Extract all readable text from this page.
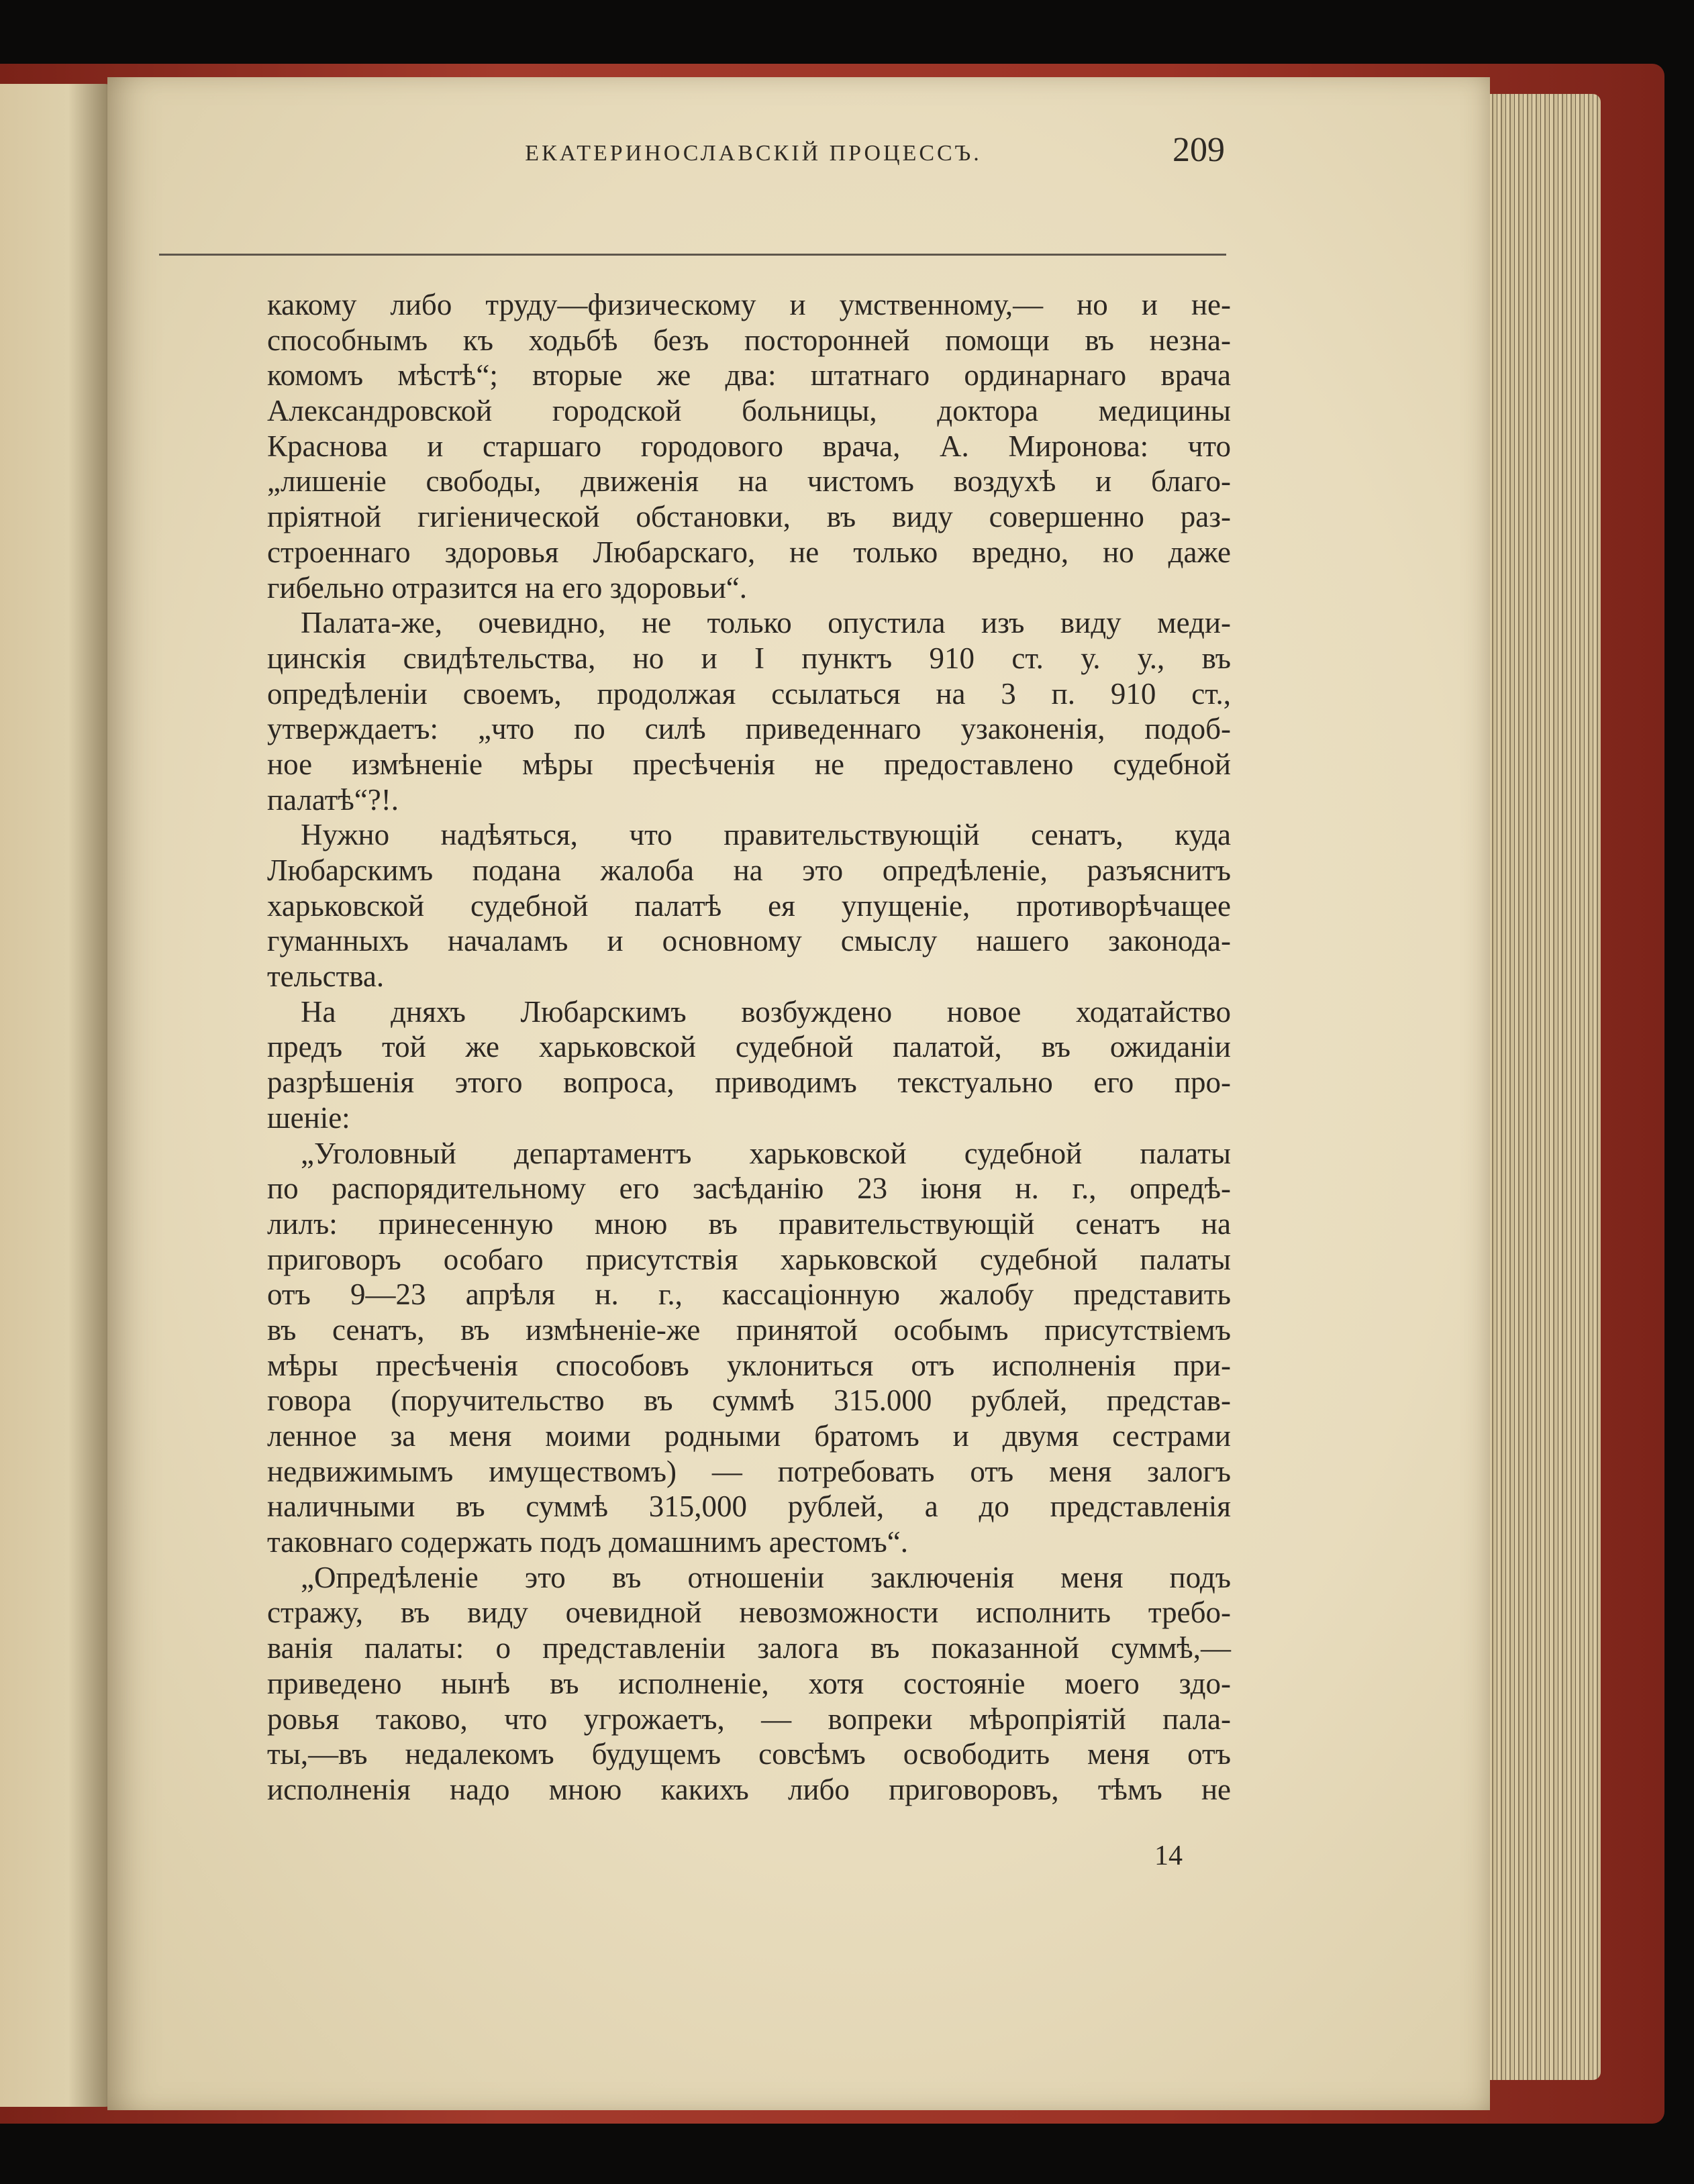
ЕКАТЕРИНОСЛАВСКІЙ ПРОЦЕССЪ.	209
какому либо труду—физическому и умственному,— но и не-
способнымъ къ ходьбѣ безъ посторонней помощи въ незна-
комомъ мѣстѣ“; вторые же два: штатнаго ординарнаго врача
Александровской городской больницы, доктора медицины
Краснова и старшаго городового врача, А. Миронова: что
„лишеніе свободы, движенія на чистомъ воздухѣ и благо-
пріятной гигіенической обстановки, въ виду совершенно раз-
строеннаго здоровья Любарскаго, не только вредно, но даже
гибельно отразится на его здоровьи“.
Палата-же, очевидно, не только опустила изъ виду меди-
цинскія свидѣтельства, но и I пунктъ 910 ст. у. у., въ
опредѣленіи своемъ, продолжая ссылаться на 3 п. 910 ст.,
утверждаетъ: „что по силѣ приведеннаго узаконенія, подоб-
ное измѣненіе мѣры пресѣченія не предоставлено судебной
палатѣ“?!.
Нужно надѣяться, что правительствующій сенатъ, куда
Любарскимъ подана жалоба на это опредѣленіе, разъяснитъ
харьковской судебной палатѣ ея упущеніе, противорѣчащее
гуманныхъ началамъ и основному смыслу нашего законода-
тельства.
На дняхъ Любарскимъ возбуждено новое ходатайство
предъ той же харьковской судебной палатой, въ ожиданіи
разрѣшенія этого вопроса, приводимъ текстуально его про-
шеніе:
„Уголовный департаментъ харьковской судебной палаты
по распорядительному его засѣданію 23 іюня н. г., опредѣ-
лилъ: принесенную мною въ правительствующій сенатъ на
приговоръ особаго присутствія харьковской судебной палаты
отъ 9—23 апрѣля н. г., кассаціонную жалобу представить
въ сенатъ, въ измѣненіе-же принятой особымъ присутствіемъ
мѣры пресѣченія способовъ уклониться отъ исполненія при-
говора (поручительство въ суммѣ 315.000 рублей, представ-
ленное за меня моими родными братомъ и двумя сестрами
недвижимымъ имуществомъ) — потребовать отъ меня залогъ
наличными въ суммѣ 315,000 рублей, а до представленія
таковнаго содержать подъ домашнимъ арестомъ“.
„Опредѣленіе это въ отношеніи заключенія меня подъ
стражу, въ виду очевидной невозможности исполнить требо-
ванія палаты: о представленіи залога въ показанной суммѣ,—
приведено нынѣ въ исполненіе, хотя состояніе моего здо-
ровья таково, что угрожаетъ, — вопреки мѣропріятій пала-
ты,—въ недалекомъ будущемъ совсѣмъ освободить меня отъ
исполненія надо мною какихъ либо приговоровъ, тѣмъ не
14
